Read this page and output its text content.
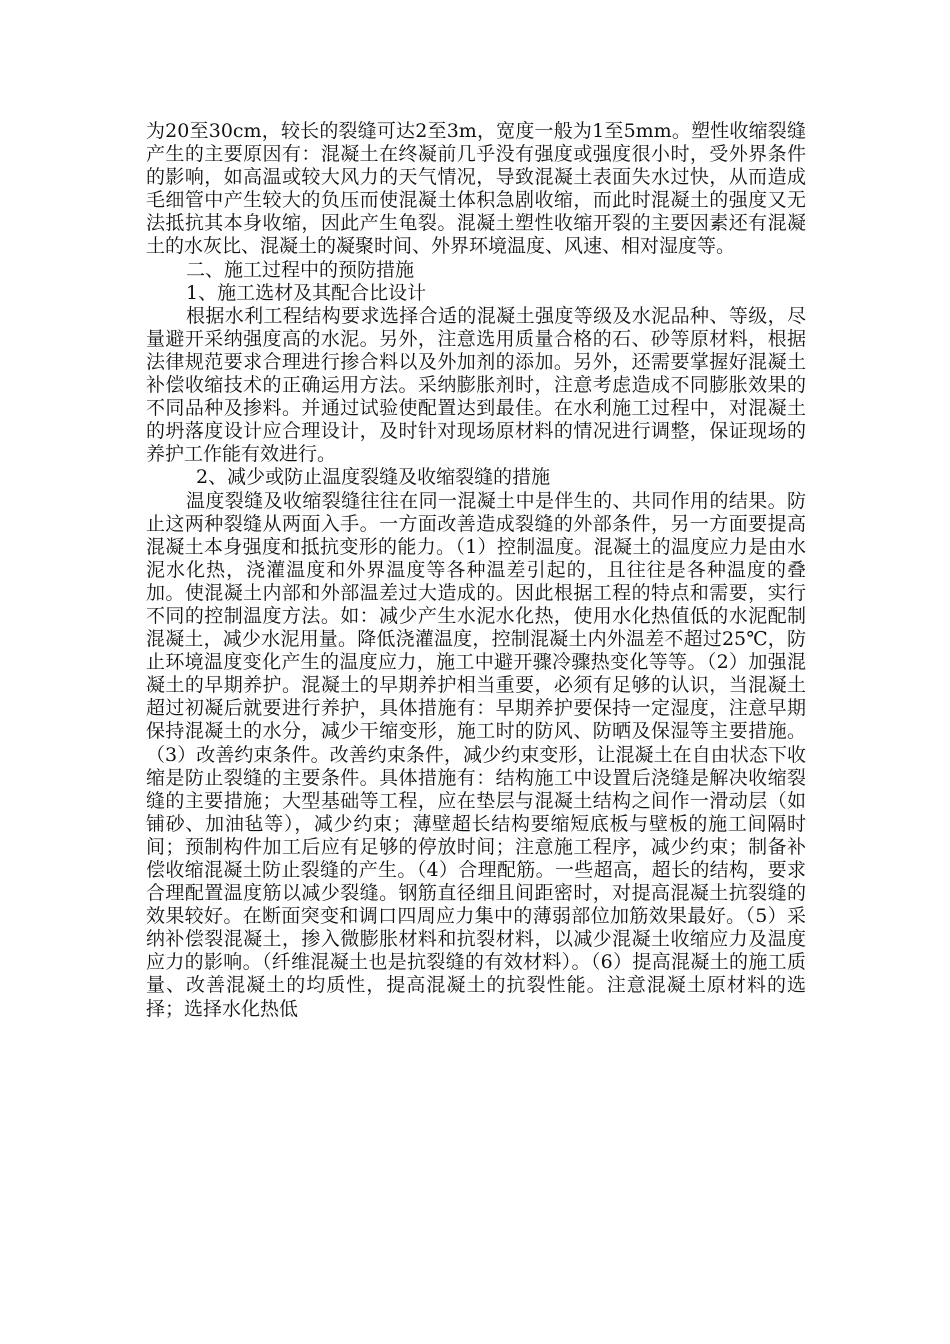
为20至30cm，较长的裂缝可达2至3m，宽度一般为1至5mm。塑性收缩裂缝产生的主要原因有：混凝土在终凝前几乎没有强度或强度很小时，受外界条件的影响，如高温或较大风力的天气情况，导致混凝土表面失水过快，从而造成毛细管中产生较大的负压而使混凝土体积急剧收缩，而此时混凝土的强度又无法抵抗其本身收缩，因此产生龟裂。混凝土塑性收缩开裂的主要因素还有混凝土的水灰比、混凝土的凝聚时间、外界环境温度、风速、相对湿度等。

二、施工过程中的预防措施

1、施工选材及其配合比设计

根据水利工程结构要求选择合适的混凝土强度等级及水泥品种、等级，尽量避开采纳强度高的水泥。另外，注意选用质量合格的石、砂等原材料，根据法律规范要求合理进行掺合料以及外加剂的添加。另外，还需要掌握好混凝土补偿收缩技术的正确运用方法。采纳膨胀剂时，注意考虑造成不同膨胀效果的不同品种及掺料。并通过试验使配置达到最佳。在水利施工过程中，对混凝土的坍落度设计应合理设计，及时针对现场原材料的情况进行调整，保证现场的养护工作能有效进行。

2、减少或防止温度裂缝及收缩裂缝的措施

温度裂缝及收缩裂缝往往在同一混凝土中是伴生的、共同作用的结果。防止这两种裂缝从两面入手。一方面改善造成裂缝的外部条件，另一方面要提高混凝土本身强度和抵抗变形的能力。（1）控制温度。混凝土的温度应力是由水泥水化热，浇灌温度和外界温度等各种温差引起的，且往往是各种温度的叠加。使混凝土内部和外部温差过大造成的。因此根据工程的特点和需要，实行不同的控制温度方法。如：减少产生水泥水化热，使用水化热值低的水泥配制混凝土，减少水泥用量。降低浇灌温度，控制混凝土内外温差不超过25℃，防止环境温度变化产生的温度应力，施工中避开骤冷骤热变化等等。（2）加强混凝土的早期养护。混凝土的早期养护相当重要，必须有足够的认识，当混凝土超过初凝后就要进行养护，具体措施有：早期养护要保持一定湿度，注意早期保持混凝土的水分，减少干缩变形，施工时的防风、防晒及保湿等主要措施。（3）改善约束条件。改善约束条件，减少约束变形，让混凝土在自由状态下收缩是防止裂缝的主要条件。具体措施有：结构施工中设置后浇缝是解决收缩裂缝的主要措施；大型基础等工程，应在垫层与混凝土结构之间作一滑动层（如铺砂、加油毡等），减少约束；薄壁超长结构要缩短底板与壁板的施工间隔时间；预制构件加工后应有足够的停放时间；注意施工程序，减少约束；制备补偿收缩混凝土防止裂缝的产生。（4）合理配筋。一些超高，超长的结构，要求合理配置温度筋以减少裂缝。钢筋直径细且间距密时，对提高混凝土抗裂缝的效果较好。在断面突变和调口四周应力集中的薄弱部位加筋效果最好。（5）采纳补偿裂混凝土，掺入微膨胀材料和抗裂材料，以减少混凝土收缩应力及温度应力的影响。（纤维混凝土也是抗裂缝的有效材料）。（6）提高混凝土的施工质量、改善混凝土的均质性，提高混凝土的抗裂性能。注意混凝土原材料的选择；选择水化热低
